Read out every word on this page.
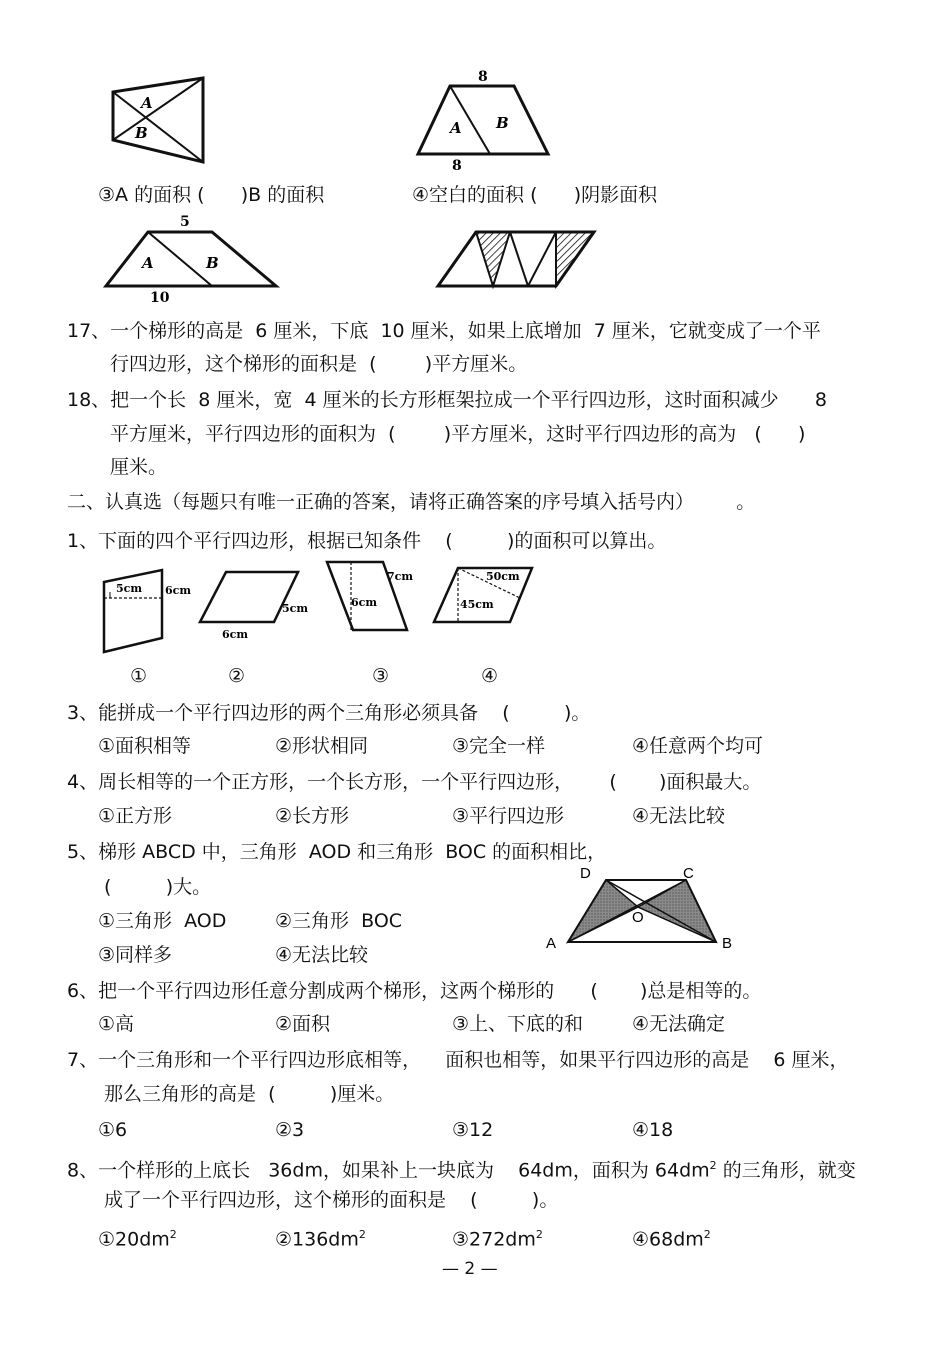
A
B
8
A B
8
③A 的面积 (      )B 的面积	④空白的面积 (      )阴影面积
5
A	B
10
17、一个梯形的高是  6 厘米，下底  10 厘米，如果上底增加  7 厘米，它就变成了一个平
行四边形，这个梯形的面积是  (        )平方厘米。
18、把一个长  8 厘米，宽  4 厘米的长方形框架拉成一个平行四边形，这时面积减少      8
平方厘米，平行四边形的面积为  (        )平方厘米，这时平行四边形的高为   (      )
厘米。
二、认真选（每题只有唯一正确的答案，请将正确答案的序号填入括号内）       。
1、下面的四个平行四边形，根据已知条件    (         )的面积可以算出。
5cm 6cm
5cm
6cm
7cm
6cm
50cm
45cm
①	②	③	④
3、能拼成一个平行四边形的两个三角形必须具备    (         )。
①面积相等	②形状相同	③完全一样	④任意两个均可
4、周长相等的一个正方形，一个长方形，一个平行四边形，      (       )面积最大。
①正方形	②长方形	③平行四边形	④无法比较
5、梯形 ABCD 中，三角形  AOD 和三角形  BOC 的面积相比，
(         )大。
①三角形  AOD	②三角形  BOC
③同样多	④无法比较
D	C
O
A	B
6、把一个平行四边形任意分割成两个梯形，这两个梯形的      (       )总是相等的。
①高	②面积	③上、下底的和	④无法确定
7、一个三角形和一个平行四边形底相等，    面积也相等，如果平行四边形的高是    6 厘米，
那么三角形的高是  (         )厘米。
①6	②3	③12	④18
8、一个样形的上底长   36dm，如果补上一块底为    64dm，面积为 $64dm^2$ 的三角形，就变
成了一个平行四边形，这个梯形的面积是    (         )。
$①20dm^2$	$②136dm^2$	$③272dm^2$	$④68dm^2$
— 2 —
